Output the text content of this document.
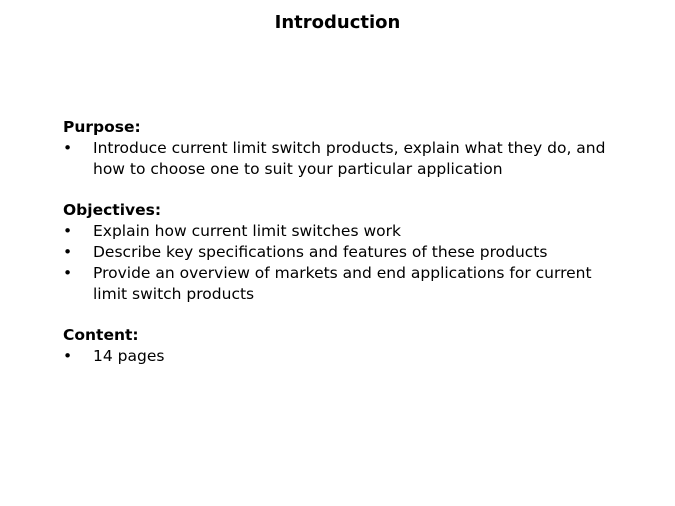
Introduction
Purpose:
• Introduce current limit switch products, explain what they do, and how to choose one to suit your particular application
Objectives:
• Explain how current limit switches work
• Describe key specifications and features of these products
• Provide an overview of markets and end applications for current limit switch products
Content:
• 14 pages
